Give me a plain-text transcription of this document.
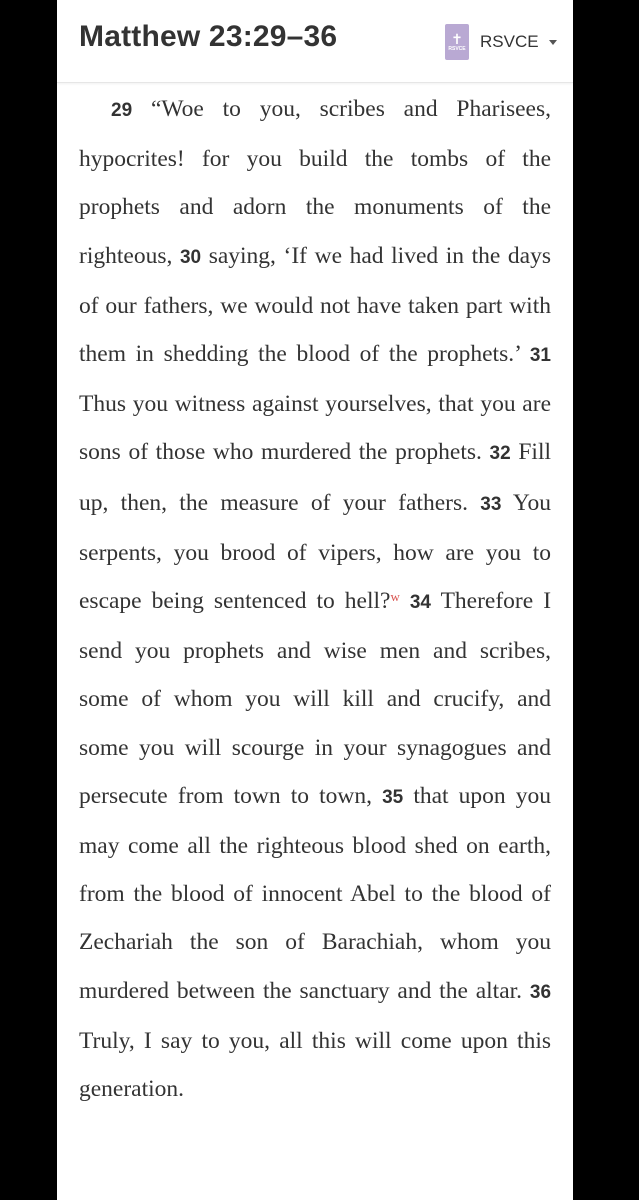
Matthew 23:29–36	✝
RSVCE RSVCE
29 “Woe to you, scribes and Pharisees, hypocrites! for you build the tombs of the prophets and adorn the monuments of the righteous, 30 saying, ‘If we had lived in the days of our fathers, we would not have taken part with them in shedding the blood of the prophets.’ 31 Thus you witness against yourselves, that you are sons of those who murdered the prophets. 32 Fill up, then, the measure of your fathers. 33 You serpents, you brood of vipers, how are you to escape being sentenced to hell?$^w$ 34 Therefore I send you prophets and wise men and scribes, some of whom you will kill and crucify, and some you will scourge in your synagogues and persecute from town to town, 35 that upon you may come all the righteous blood shed on earth, from the blood of innocent Abel to the blood of Zechariah the son of Barachiah, whom you murdered between the sanctuary and the altar. 36 Truly, I say to you, all this will come upon this generation.
